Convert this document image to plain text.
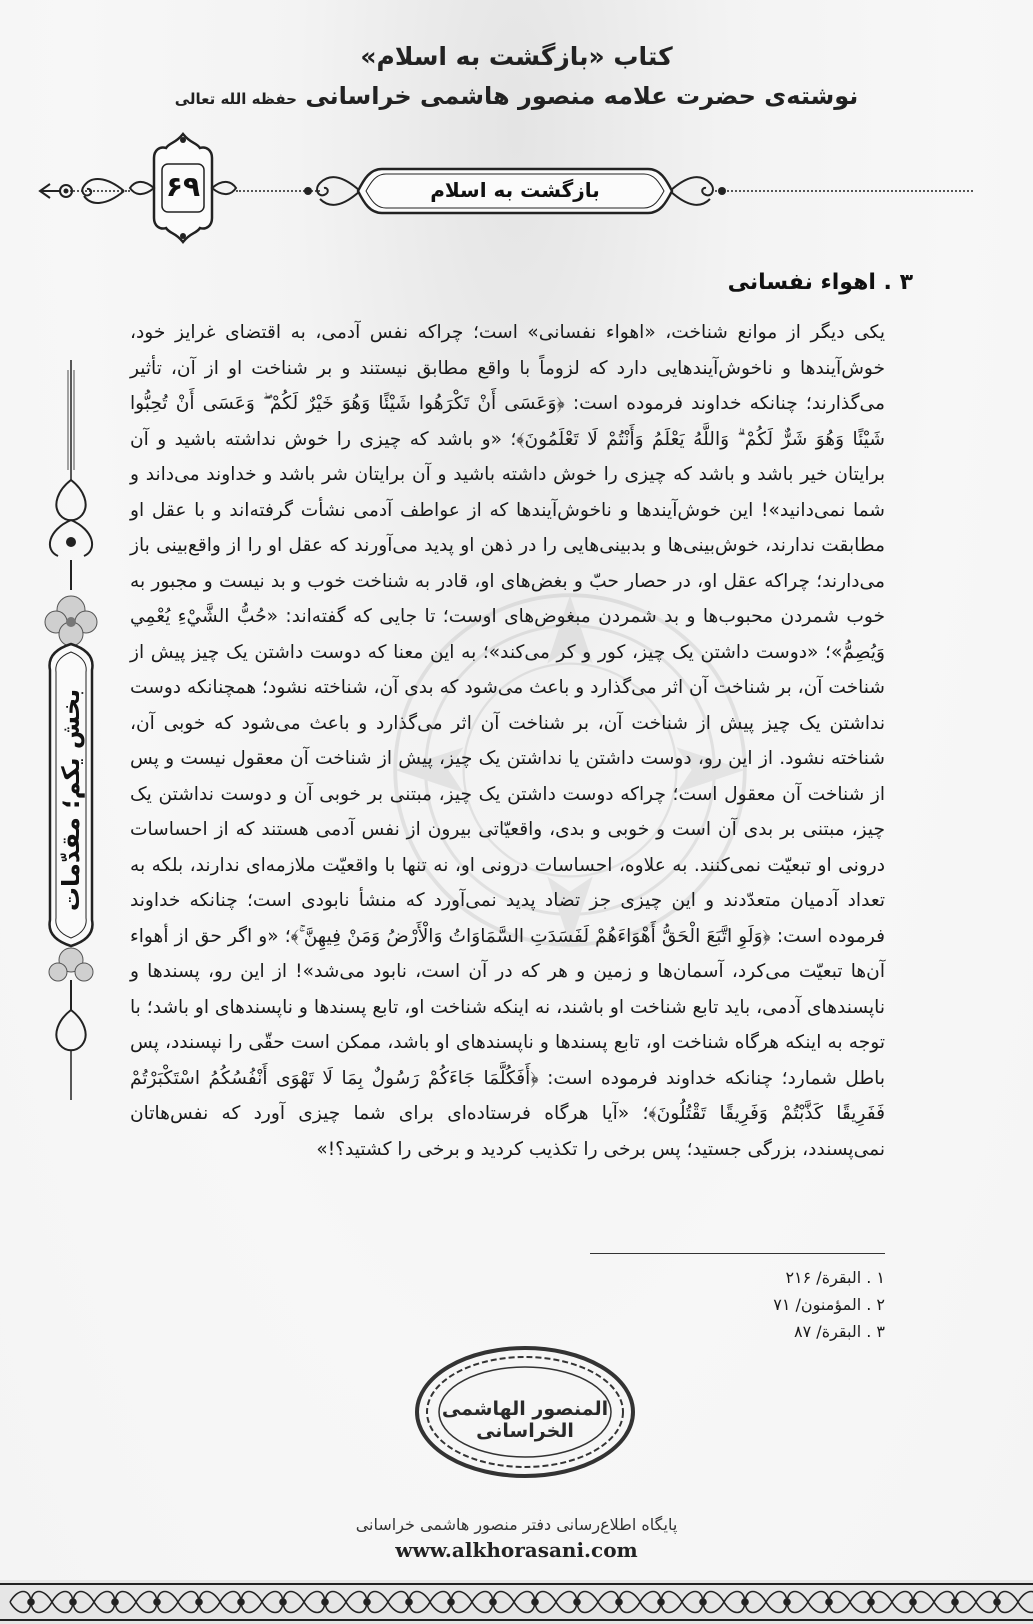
کتاب «بازگشت به اسلام»
نوشته‌ی حضرت علامه منصور هاشمی خراسانی حفظه الله تعالی
۶۹	بازگشت به اسلام
۳ . اهواء نفسانی

یکی دیگر از موانع شناخت، «اهواء نفسانی» است؛ چراکه نفس آدمی، به اقتضای غرایز خود، خوش‌آیندها و ناخوش‌آیندهایی دارد که لزوماً با واقع مطابق نیستند و بر شناخت او از آن، تأثیر می‌گذارند؛ چنانکه خداوند فرموده است: ﴿وَعَسَى أَنْ تَكْرَهُوا شَيْئًا وَهُوَ خَيْرٌ لَكُمْ ۖ وَعَسَى أَنْ تُحِبُّوا شَيْئًا وَهُوَ شَرٌّ لَكُمْ ۗ وَاللَّهُ يَعْلَمُ وَأَنْتُمْ لَا تَعْلَمُونَ﴾؛ «و باشد که چیزی را خوش نداشته باشید و آن برایتان خیر باشد و باشد که چیزی را خوش داشته باشید و آن برایتان شر باشد و خداوند می‌داند و شما نمی‌دانید»! این خوش‌آیندها و ناخوش‌آیندها که از عواطف آدمی نشأت گرفته‌اند و با عقل او مطابقت ندارند، خوش‌بینی‌ها و بدبینی‌هایی را در ذهن او پدید می‌آورند که عقل او را از واقع‌بینی باز می‌دارند؛ چراکه عقل او، در حصار حبّ و بغض‌های او، قادر به شناخت خوب و بد نیست و مجبور به خوب شمردن محبوب‌ها و بد شمردن مبغوض‌های اوست؛ تا جایی که گفته‌اند: «حُبُّ الشَّيْءِ يُعْمِي وَيُصِمُّ»؛ «دوست داشتن یک چیز، کور و کر می‌کند»؛ به این معنا که دوست داشتن یک چیز پیش از شناخت آن، بر شناخت آن اثر می‌گذارد و باعث می‌شود که بدی آن، شناخته نشود؛ همچنانکه دوست نداشتن یک چیز پیش از شناخت آن، بر شناخت آن اثر می‌گذارد و باعث می‌شود که خوبی آن، شناخته نشود. از این رو، دوست داشتن یا نداشتن یک چیز، پیش از شناخت آن معقول نیست و پس از شناخت آن معقول است؛ چراکه دوست داشتن یک چیز، مبتنی بر خوبی آن و دوست نداشتن یک چیز، مبتنی بر بدی آن است و خوبی و بدی، واقعیّاتی بیرون از نفس آدمی هستند که از احساسات درونی او تبعیّت نمی‌کنند. به علاوه، احساسات درونی او، نه تنها با واقعیّت ملازمه‌ای ندارند، بلکه به تعداد آدمیان متعدّدند و این چیزی جز تضاد پدید نمی‌آورد که منشأ نابودی است؛ چنانکه خداوند فرموده است: ﴿وَلَوِ اتَّبَعَ الْحَقُّ أَهْوَاءَهُمْ لَفَسَدَتِ السَّمَاوَاتُ وَالْأَرْضُ وَمَنْ فِيهِنَّ ۚ﴾؛ «و اگر حق از أهواء آن‌ها تبعیّت می‌کرد، آسمان‌ها و زمین و هر که در آن است، نابود می‌شد»! از این رو، پسندها و ناپسندهای آدمی، باید تابع شناخت او باشند، نه اینکه شناخت او، تابع پسندها و ناپسندهای او باشد؛ با توجه به اینکه هرگاه شناخت او، تابع پسندها و ناپسندهای او باشد، ممکن است حقّی را نپسندد، پس باطل شمارد؛ چنانکه خداوند فرموده است: ﴿أَفَكُلَّمَا جَاءَكُمْ رَسُولٌ بِمَا لَا تَهْوَى أَنْفُسُكُمُ اسْتَكْبَرْتُمْ فَفَرِيقًا كَذَّبْتُمْ وَفَرِيقًا تَقْتُلُونَ﴾؛ «آیا هرگاه فرستاده‌ای برای شما چیزی آورد که نفس‌هاتان نمی‌پسندد، بزرگی جستید؛ پس برخی را تکذیب کردید و برخی را کشتید؟!»

۱ . البقرة/ ۲۱۶
۲ . المؤمنون/ ۷۱
۳ . البقرة/ ۸۷
بخش یکم؛ مقدّمات
المنصور الهاشمی الخراسانی
پایگاه اطلاع‌رسانی دفتر منصور هاشمی خراسانی
www.alkhorasani.com
